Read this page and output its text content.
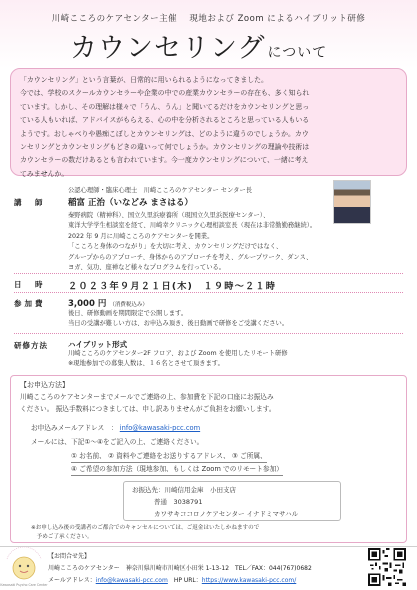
川崎こころのケアセンター主催　 現地および Zoom によるハイブリット研修
カウンセリング について
「カウンセリング」という言葉が、日常的に用いられるようになってきました。
今では、学校のスクールカウンセラーや企業の中での産業カウンセラーの存在も、多く知られ
ています。しかし、その理解は様々で「うん、うん」と聞いてるだけをカウンセリングと思っ
ている人もいれば、アドバイスがもらえる、心の中を分析されるところと思っている人もいる
ようです。おしゃべりや愚痴こぼしとカウンセリングは、どのように違うのでしょうか。カウ
ンセリングとカウンセリングもどきの違いって何でしょうか。カウンセリングの理論や技術は
カウンセラーの数だけあるとも言われています。今一度カウンセリングについて、一緒に考え
てみませんか。
講　師
公認心理師・臨床心理士　川崎こころのケアセンター センター長
稲富 正治（いなどみ まさはる）
秦野病院（精神科）、国立久里浜療養所（現国立久里浜医療センター）、
東洋大学学生相談室を経て、川崎幸クリニック心理相談室長（現在は非常勤勤務継続）。
2022 年 9 月に川崎こころのケアセンターを開業。
「こころと身体のつながり」を大切に考え、カウンセリングだけではなく、
グループからのアプローチ、身体からのアプローチを考え、グループワーク、ダンス、
ヨガ、気功、座禅など様々なプログラムを行っている。
日　時 ２０２３年９月２１日(木)　１９時～２１時
参加費	3,000 円 （消費税込み）
後日、研修動画を期間限定で公開します。
当日の受講が難しい方は、お申込み頂き、後日動画で研修をご受講ください。
研修方法	ハイブリット形式
川崎こころのケアセンター2F フロア、および Zoom を使用したリモート研修
※現地参加での募集人数は、１６名とさせて頂きます。
【お申込方法】
川崎こころのケアセンターまでメールでご連絡の上、参加費を下記の口座にお振込み
ください。 振込手数料につきましては、申し訳ありませんがご負担をお願いします。
お申込みメールアドレス　： info@kawasaki-pcc.com
メールには、下記①～④をご記入の上、ご連絡ください。
① お名前、 ② 資料やご連絡をお送りするアドレス、 ③ ご所属、
④ ご希望の参加方法（現地参加、もしくは Zoom でのリモート参加）
お振込先：川崎信用金庫　小田支店
普通　3038791
カワサキココロノケアセンター イナドミマサハル
※お申し込み後の受講者のご都合でのキャンセルについては、ご返金はいたしかねますので
　予めご了承ください。
Kawasaki Psycho Care Center
【お問合せ先】
川崎こころのケアセンター　神奈川県川崎市川崎区小田栄 1-13-12　TEL／FAX：044(767)0682
メールアドレス：info@kawasaki-pcc.com　HP URL：https://www.kawasaki-pcc.com/
